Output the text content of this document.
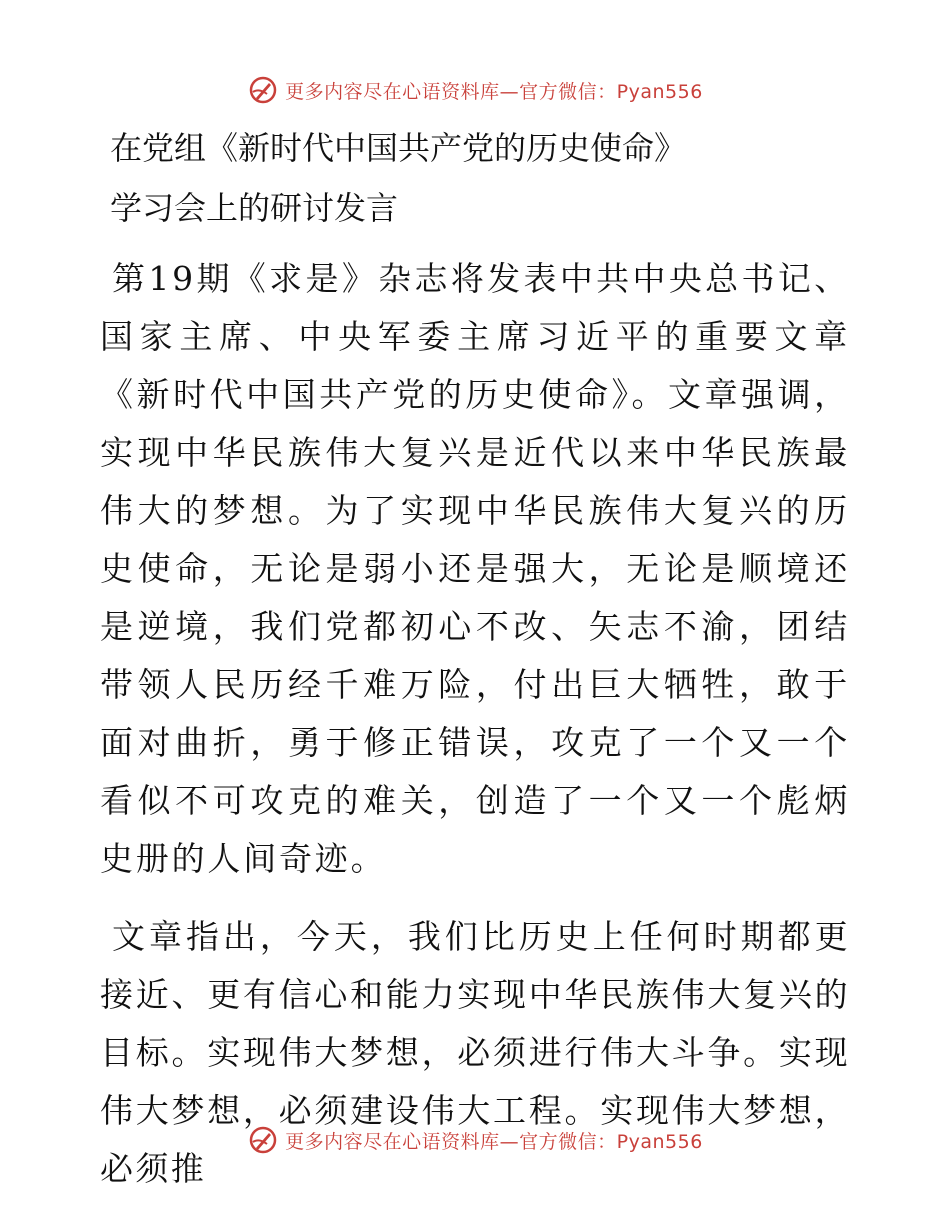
更多内容尽在心语资料库—官方微信：Pyan556
在党组《新时代中国共产党的历史使命》
学习会上的研讨发言

第19期《求是》杂志将发表中共中央总书记、国家主席、中央军委主席习近平的重要文章《新时代中国共产党的历史使命》。文章强调，实现中华民族伟大复兴是近代以来中华民族最伟大的梦想。为了实现中华民族伟大复兴的历史使命，无论是弱小还是强大，无论是顺境还是逆境，我们党都初心不改、矢志不渝，团结带领人民历经千难万险，付出巨大牺牲，敢于面对曲折，勇于修正错误，攻克了一个又一个看似不可攻克的难关，创造了一个又一个彪炳史册的人间奇迹。

文章指出，今天，我们比历史上任何时期都更接近、更有信心和能力实现中华民族伟大复兴的目标。实现伟大梦想，必须进行伟大斗争。实现伟大梦想，必须建设伟大工程。实现伟大梦想，必须推

更多内容尽在心语资料库—官方微信：Pyan556
